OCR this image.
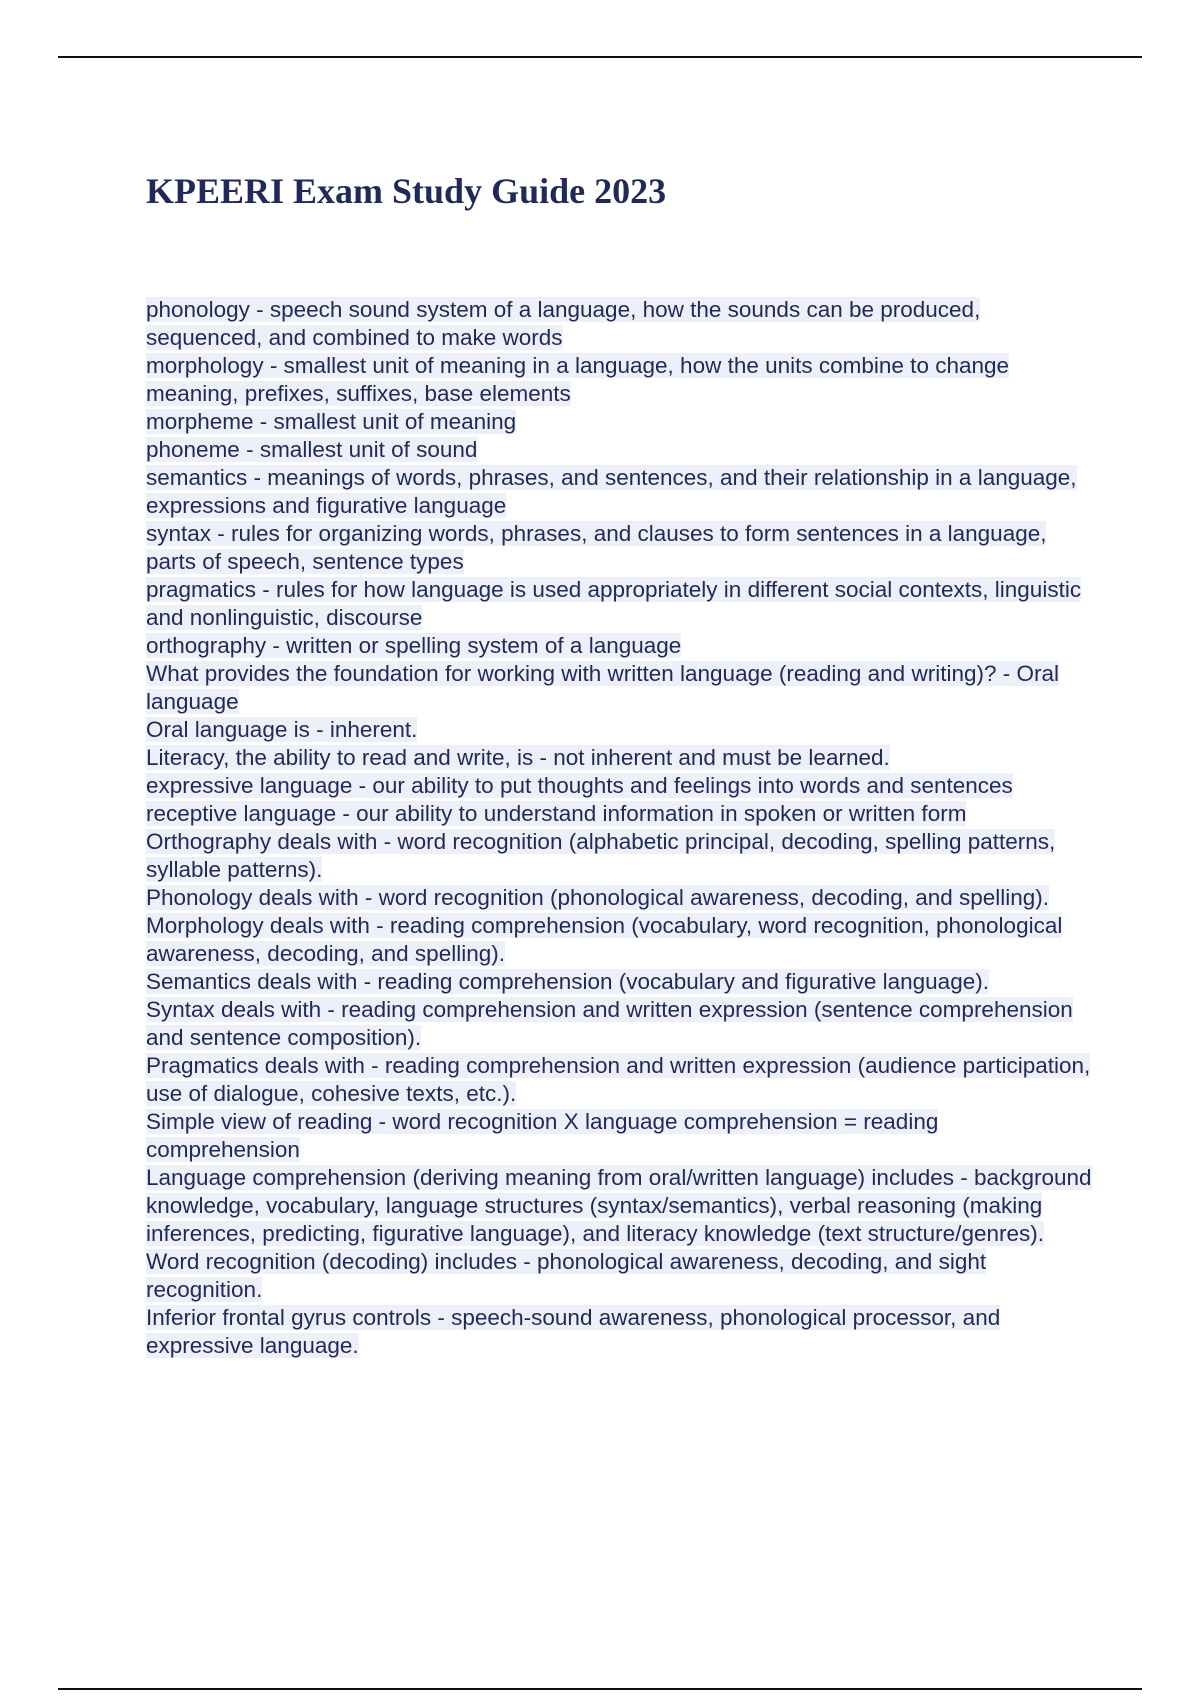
KPEERI Exam Study Guide 2023
phonology - speech sound system of a language, how the sounds can be produced, sequenced, and combined to make words
morphology - smallest unit of meaning in a language, how the units combine to change meaning, prefixes, suffixes, base elements
morpheme - smallest unit of meaning
phoneme - smallest unit of sound
semantics - meanings of words, phrases, and sentences, and their relationship in a language, expressions and figurative language
syntax - rules for organizing words, phrases, and clauses to form sentences in a language, parts of speech, sentence types
pragmatics - rules for how language is used appropriately in different social contexts, linguistic and nonlinguistic, discourse
orthography - written or spelling system of a language
What provides the foundation for working with written language (reading and writing)? - Oral language
Oral language is - inherent.
Literacy, the ability to read and write, is - not inherent and must be learned.
expressive language - our ability to put thoughts and feelings into words and sentences
receptive language - our ability to understand information in spoken or written form
Orthography deals with - word recognition (alphabetic principal, decoding, spelling patterns, syllable patterns).
Phonology deals with - word recognition (phonological awareness, decoding, and spelling).
Morphology deals with - reading comprehension (vocabulary, word recognition, phonological awareness, decoding, and spelling).
Semantics deals with - reading comprehension (vocabulary and figurative language).
Syntax deals with - reading comprehension and written expression (sentence comprehension and sentence composition).
Pragmatics deals with - reading comprehension and written expression (audience participation, use of dialogue, cohesive texts, etc.).
Simple view of reading - word recognition X language comprehension = reading comprehension
Language comprehension (deriving meaning from oral/written language) includes - background knowledge, vocabulary, language structures (syntax/semantics), verbal reasoning (making inferences, predicting, figurative language), and literacy knowledge (text structure/genres).
Word recognition (decoding) includes - phonological awareness, decoding, and sight recognition.
Inferior frontal gyrus controls - speech-sound awareness, phonological processor, and expressive language.
